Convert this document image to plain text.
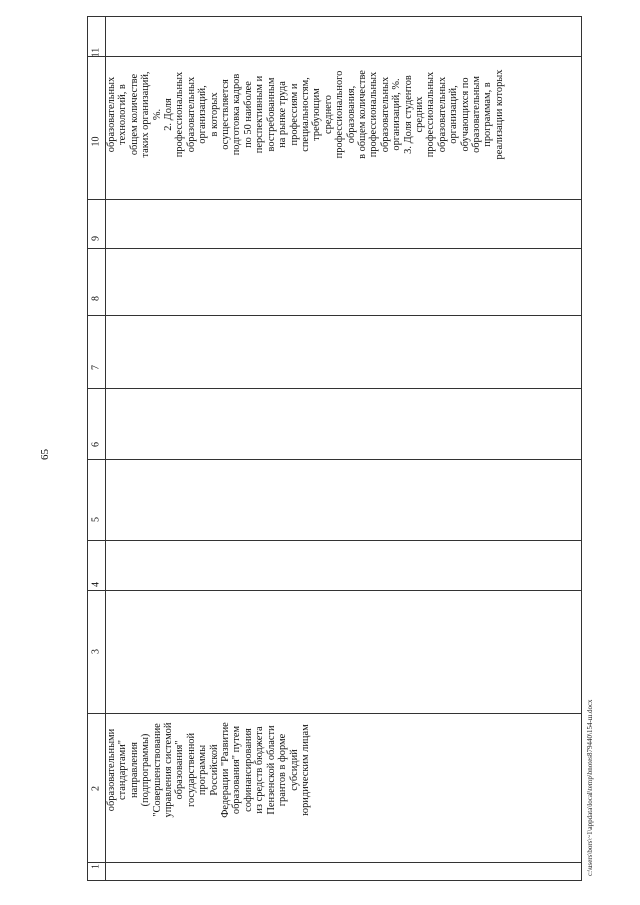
65
11
10
9
8
7
6
5
4
3
2
1
образовательных технологий, в общем количестве таких организаций, %. 2. Доля профессиональных образовательных организаций, в которых осуществляется подготовка кадров по 50 наиболее перспективным и востребованным на рынке труда профессиям и специальностям, требующим среднего профессионального образования, в общем количестве профессиональных образовательных организаций, %. 3. Доля студентов средних профессиональных образовательных организаций, обучающихся по образовательным программам, в реализации которых
образовательными стандартами" направления (подпрограммы) "Совершенствование управления системой образования" государственной программы Российской Федерации "Развитие образования" путем софинансирования из средств бюджета Пензенской области грантов в форме субсидий юридическим лицам	c:\users\bors\~1\appdata\local\temp\bnotes879440\154-ш.docx
